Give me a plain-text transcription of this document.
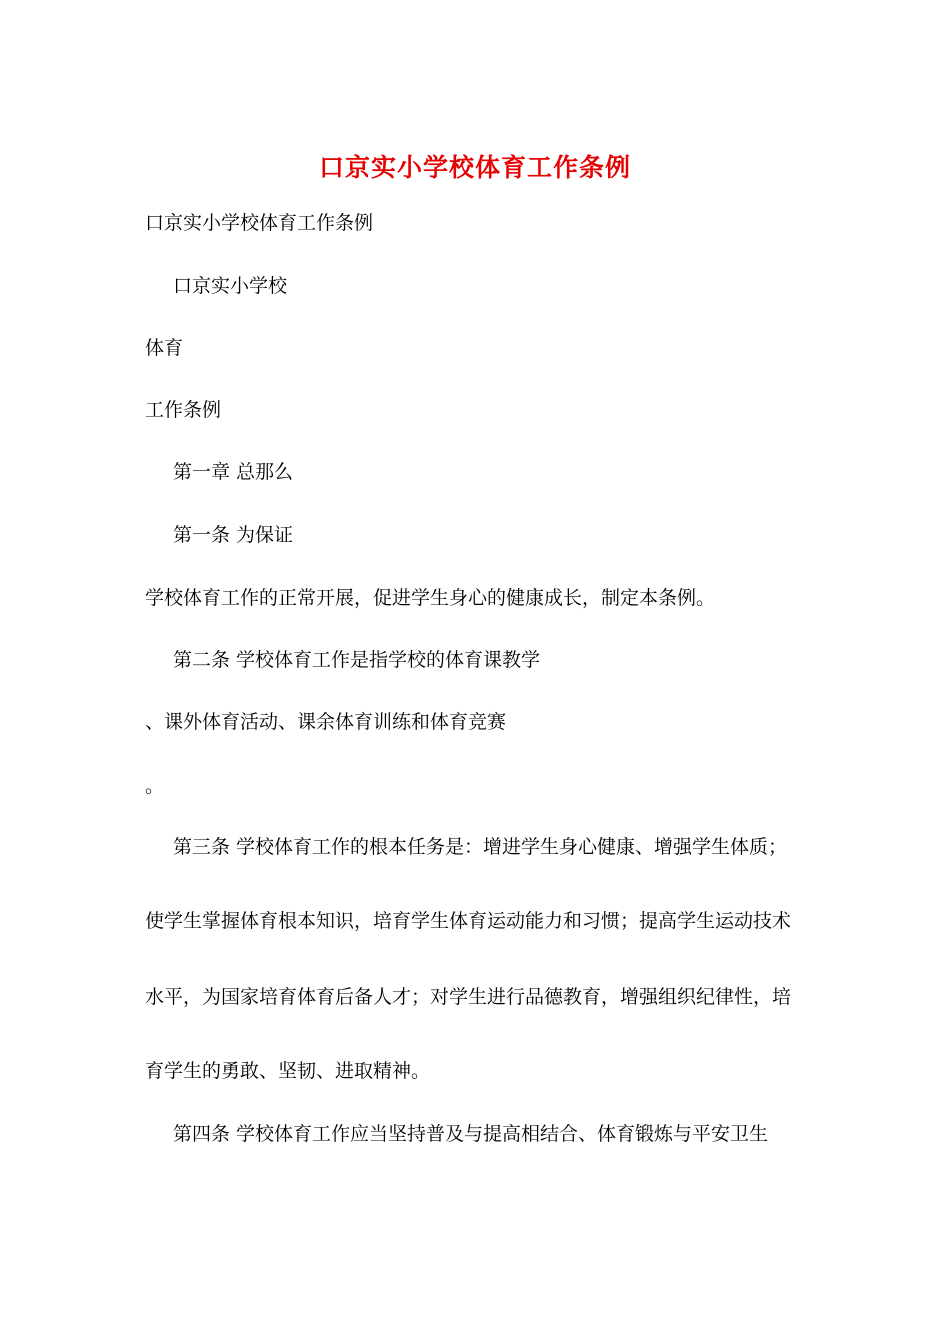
口京实小学校体育工作条例
口京实小学校体育工作条例
口京实小学校
体育
工作条例
第一章 总那么
第一条 为保证
学校体育工作的正常开展，促进学生身心的健康成长，制定本条例。
第二条 学校体育工作是指学校的体育课教学
、课外体育活动、课余体育训练和体育竞赛
。
第三条 学校体育工作的根本任务是：增进学生身心健康、增强学生体质；
使学生掌握体育根本知识，培育学生体育运动能力和习惯；提高学生运动技术
水平，为国家培育体育后备人才；对学生进行品德教育，增强组织纪律性，培
育学生的勇敢、坚韧、进取精神。
第四条 学校体育工作应当坚持普及与提高相结合、体育锻炼与平安卫生
